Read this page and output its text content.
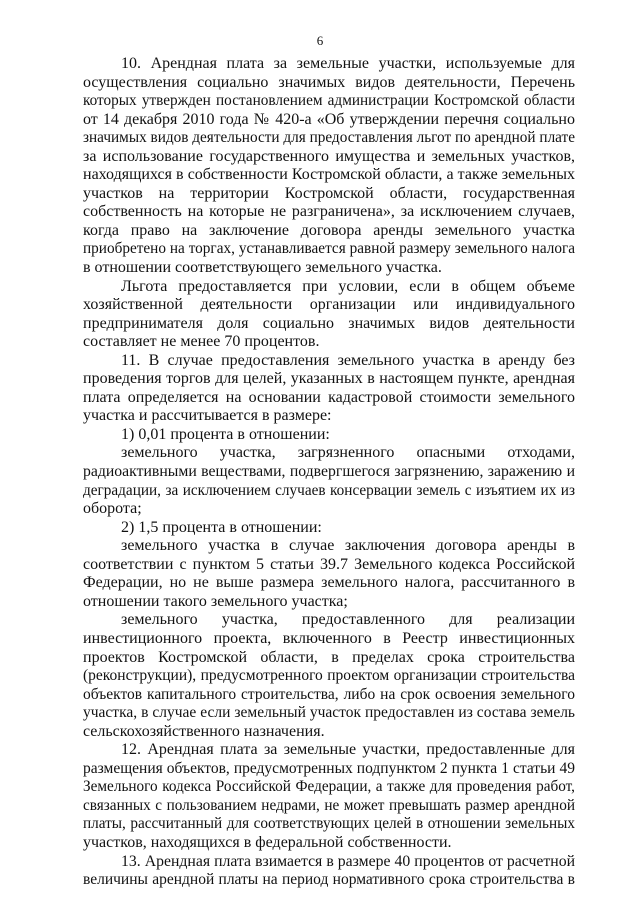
6
10. Арендная плата за земельные участки, используемые для
осуществления социально значимых видов деятельности, Перечень
которых утвержден постановлением администрации Костромской области
от 14 декабря 2010 года № 420-а «Об утверждении перечня социально
значимых видов деятельности для предоставления льгот по арендной плате
за использование государственного имущества и земельных участков,
находящихся в собственности Костромской области, а также земельных
участков на территории Костромской области, государственная
собственность на которые не разграничена», за исключением случаев,
когда право на заключение договора аренды земельного участка
приобретено на торгах, устанавливается равной размеру земельного налога
в отношении соответствующего земельного участка.
Льгота предоставляется при условии, если в общем объеме
хозяйственной деятельности организации или индивидуального
предпринимателя доля социально значимых видов деятельности
составляет не менее 70 процентов.
11. В случае предоставления земельного участка в аренду без
проведения торгов для целей, указанных в настоящем пункте, арендная
плата определяется на основании кадастровой стоимости земельного
участка и рассчитывается в размере:
1) 0,01 процента в отношении:
земельного участка, загрязненного опасными отходами,
радиоактивными веществами, подвергшегося загрязнению, заражению и
деградации, за исключением случаев консервации земель с изъятием их из
оборота;
2) 1,5 процента в отношении:
земельного участка в случае заключения договора аренды в
соответствии с пунктом 5 статьи 39.7 Земельного кодекса Российской
Федерации, но не выше размера земельного налога, рассчитанного в
отношении такого земельного участка;
земельного участка, предоставленного для реализации
инвестиционного проекта, включенного в Реестр инвестиционных
проектов Костромской области, в пределах срока строительства
(реконструкции), предусмотренного проектом организации строительства
объектов капитального строительства, либо на срок освоения земельного
участка, в случае если земельный участок предоставлен из состава земель
сельскохозяйственного назначения.
12. Арендная плата за земельные участки, предоставленные для
размещения объектов, предусмотренных подпунктом 2 пункта 1 статьи 49
Земельного кодекса Российской Федерации, а также для проведения работ,
связанных с пользованием недрами, не может превышать размер арендной
платы, рассчитанный для соответствующих целей в отношении земельных
участков, находящихся в федеральной собственности.
13. Арендная плата взимается в размере 40 процентов от расчетной
величины арендной платы на период нормативного срока строительства в
